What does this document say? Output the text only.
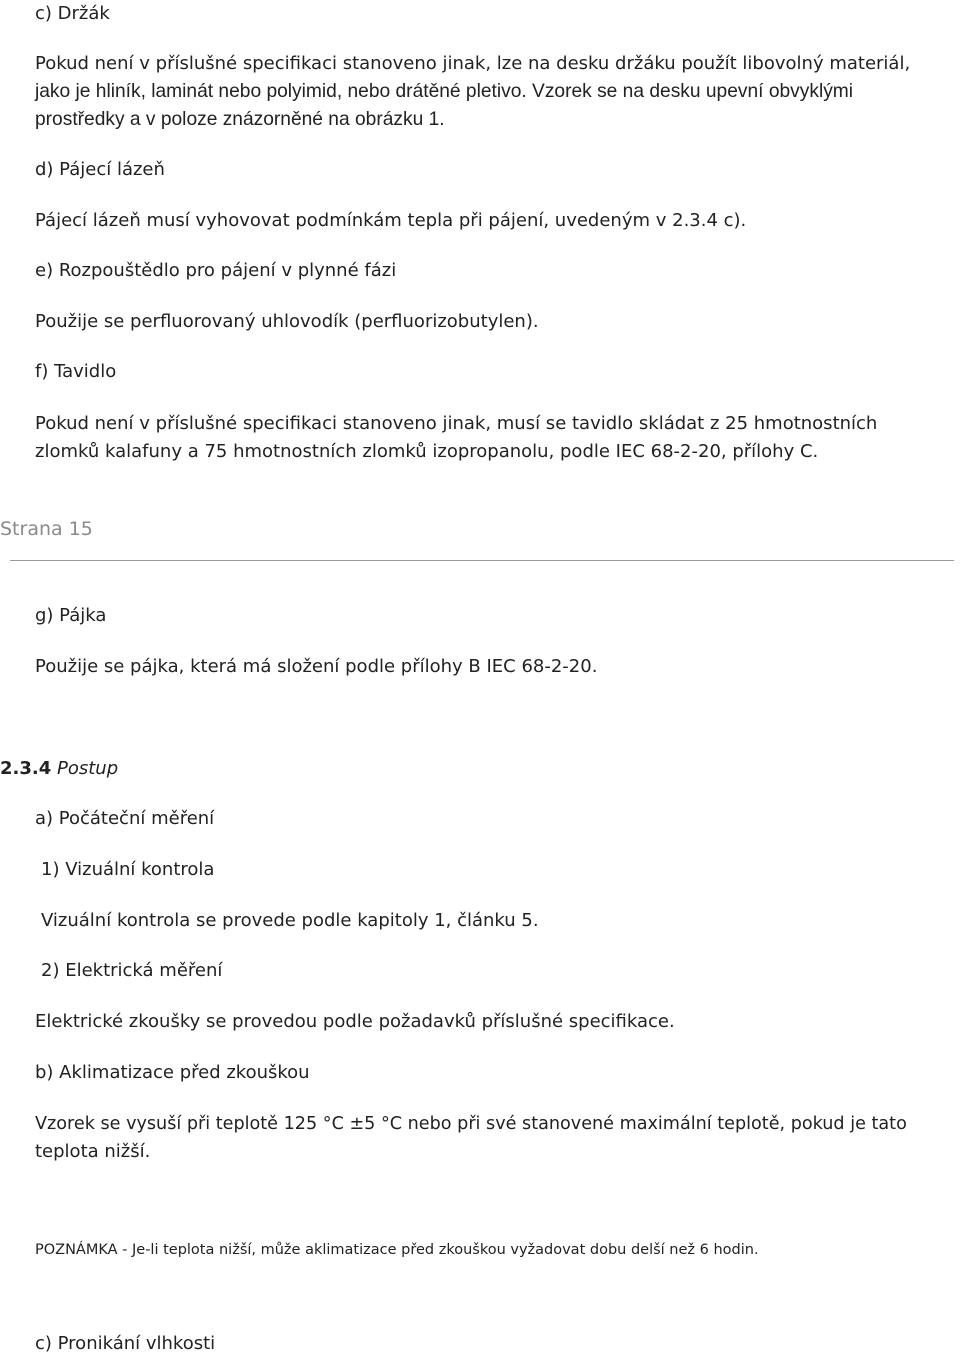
c) Držák
Pokud není v příslušné specifikaci stanoveno jinak, lze na desku držáku použít libovolný materiál,
jako je hliník, laminát nebo polyimid, nebo drátěné pletivo. Vzorek se na desku upevní obvyklými
prostředky a v poloze znázorněné na obrázku 1.
d) Pájecí lázeň
Pájecí lázeň musí vyhovovat podmínkám tepla při pájení, uvedeným v 2.3.4 c).
e) Rozpouštědlo pro pájení v plynné fázi
Použije se perfluorovaný uhlovodík (perfluorizobutylen).
f) Tavidlo
Pokud není v příslušné specifikaci stanoveno jinak, musí se tavidlo skládat z 25 hmotnostních
zlomků kalafuny a 75 hmotnostních zlomků izopropanolu, podle IEC 68-2-20, přílohy C.
Strana 15
g) Pájka
Použije se pájka, která má složení podle přílohy B IEC 68-2-20.
2.3.4 Postup
a) Počáteční měření
1) Vizuální kontrola
Vizuální kontrola se provede podle kapitoly 1, článku 5.
2) Elektrická měření
Elektrické zkoušky se provedou podle požadavků příslušné specifikace.
b) Aklimatizace před zkouškou
Vzorek se vysuší při teplotě 125 °C ±5 °C nebo při své stanovené maximální teplotě, pokud je tato
teplota nižší.
POZNÁMKA - Je-li teplota nižší, může aklimatizace před zkouškou vyžadovat dobu delší než 6 hodin.
c) Pronikání vlhkosti
